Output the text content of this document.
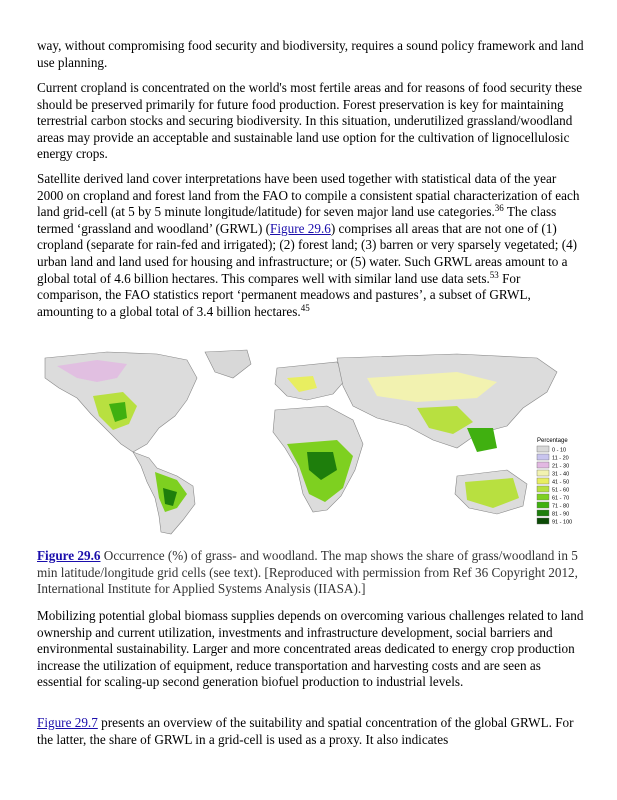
way, without compromising food security and biodiversity, requires a sound policy framework and land use planning.

Current cropland is concentrated on the world's most fertile areas and for reasons of food security these should be preserved primarily for future food production. Forest preservation is key for maintaining terrestrial carbon stocks and securing biodiversity. In this situation, underutilized grassland/woodland areas may provide an acceptable and sustainable land use option for the cultivation of lignocellulosic energy crops.

Satellite derived land cover interpretations have been used together with statistical data of the year 2000 on cropland and forest land from the FAO to compile a consistent spatial characterization of each land grid-cell (at 5 by 5 minute longitude/latitude) for seven major land use categories.$^{36}$ The class termed ‘grassland and woodland’ (GRWL) (Figure 29.6) comprises all areas that are not one of (1) cropland (separate for rain-fed and irrigated); (2) forest land; (3) barren or very sparsely vegetated; (4) urban land and land used for housing and infrastructure; or (5) water. Such GRWL areas amount to a global total of 4.6 billion hectares. This compares well with similar land use data sets.$^{53}$ For comparison, the FAO statistics report ‘permanent meadows and pastures’, a subset of GRWL, amounting to a global total of 3.4 billion hectares.$^{45}$

Percentage
0 - 10
11 - 20
21 - 30
31 - 40
41 - 50
51 - 60
61 - 70
71 - 80
81 - 90
91 - 100

Figure 29.6 Occurrence (%) of grass- and woodland. The map shows the share of grass/woodland in 5 min latitude/longitude grid cells (see text). [Reproduced with permission from Ref 36 Copyright 2012, International Institute for Applied Systems Analysis (IIASA).]

Mobilizing potential global biomass supplies depends on overcoming various challenges related to land ownership and current utilization, investments and infrastructure development, social barriers and environmental sustainability. Larger and more concentrated areas dedicated to energy crop production increase the utilization of equipment, reduce transportation and harvesting costs and are seen as essential for scaling-up second generation biofuel production to industrial levels.

Figure 29.7 presents an overview of the suitability and spatial concentration of the global GRWL. For the latter, the share of GRWL in a grid-cell is used as a proxy. It also indicates
